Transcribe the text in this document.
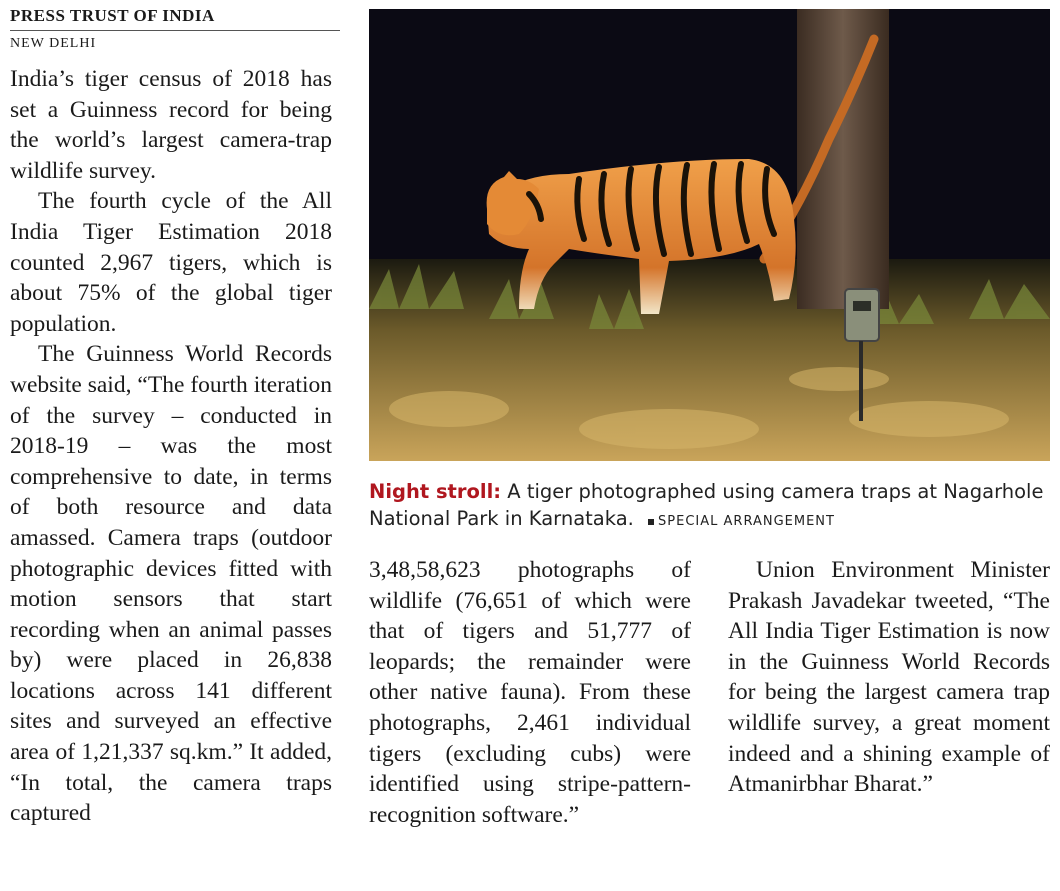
PRESS TRUST OF INDIA
NEW DELHI

India’s tiger census of 2018 has set a Guinness record for being the world’s largest camera-trap wildlife survey.

The fourth cycle of the All India Tiger Estimation 2018 counted 2,967 tigers, which is about 75% of the global tiger population.

The Guinness World Records website said, “The fourth iteration of the survey – conducted in 2018-19 – was the most comprehensive to date, in terms of both resource and data amassed. Camera traps (outdoor photographic devices fitted with motion sensors that start recording when an animal passes by) were placed in 26,838 locations across 141 different sites and surveyed an effective area of 1,21,337 sq.km.” It added, “In total, the camera traps captured

Night stroll: A tiger photographed using camera traps at Nagarhole National Park in Karnataka. SPECIAL ARRANGEMENT

3,48,58,623 photographs of wildlife (76,651 of which were that of tigers and 51,777 of leopards; the remainder were other native fauna). From these photographs, 2,461 individual tigers (excluding cubs) were identified using stripe-pattern-recognition software.”

Union Environment Minister Prakash Javadekar tweeted, “The All India Tiger Estimation is now in the Guinness World Records for being the largest camera trap wildlife survey, a great moment indeed and a shining example of Atmanirbhar Bharat.”
